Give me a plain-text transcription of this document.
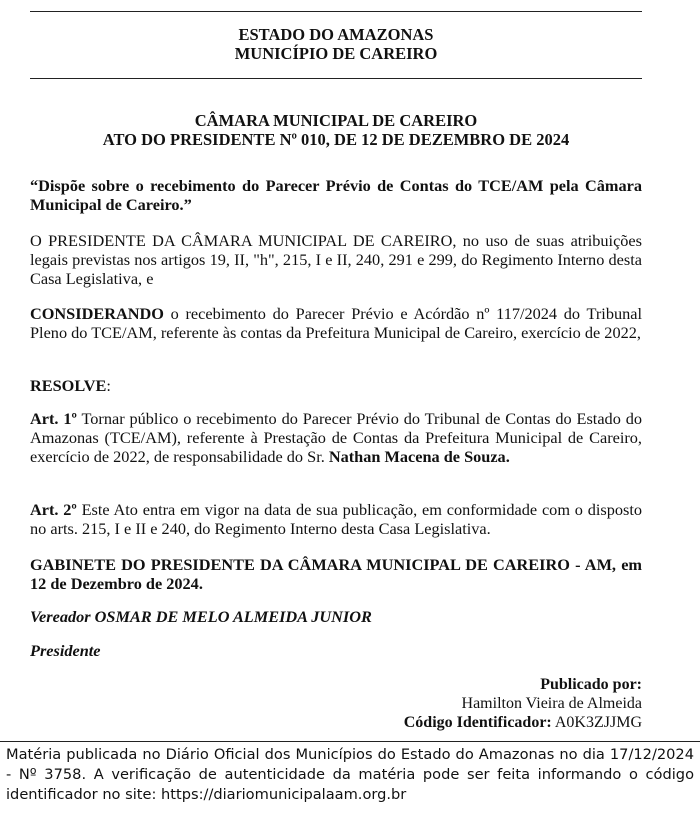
ESTADO DO AMAZONAS
MUNICÍPIO DE CAREIRO
CÂMARA MUNICIPAL DE CAREIRO
ATO DO PRESIDENTE Nº 010, DE 12 DE DEZEMBRO DE 2024

“Dispõe sobre o recebimento do Parecer Prévio de Contas do TCE/AM pela Câmara Municipal de Careiro.”

O PRESIDENTE DA CÂMARA MUNICIPAL DE CAREIRO, no uso de suas atribuições legais previstas nos artigos 19, II, "h", 215, I e II, 240, 291 e 299, do Regimento Interno desta Casa Legislativa, e

CONSIDERANDO o recebimento do Parecer Prévio e Acórdão nº 117/2024 do Tribunal Pleno do TCE/AM, referente às contas da Prefeitura Municipal de Careiro, exercício de 2022,

RESOLVE:

Art. 1º Tornar público o recebimento do Parecer Prévio do Tribunal de Contas do Estado do Amazonas (TCE/AM), referente à Prestação de Contas da Prefeitura Municipal de Careiro, exercício de 2022, de responsabilidade do Sr. Nathan Macena de Souza.

Art. 2º Este Ato entra em vigor na data de sua publicação, em conformidade com o disposto no arts. 215, I e II e 240, do Regimento Interno desta Casa Legislativa.

GABINETE DO PRESIDENTE DA CÂMARA MUNICIPAL DE CAREIRO - AM, em 12 de Dezembro de 2024.

Vereador OSMAR DE MELO ALMEIDA JUNIOR

Presidente

Publicado por:
Hamilton Vieira de Almeida
Código Identificador: A0K3ZJJMG
Matéria publicada no Diário Oficial dos Municípios do Estado do Amazonas no dia 17/12/2024 - Nº 3758. A verificação de autenticidade da matéria pode ser feita informando o código identificador no site: https://diariomunicipalaam.org.br
